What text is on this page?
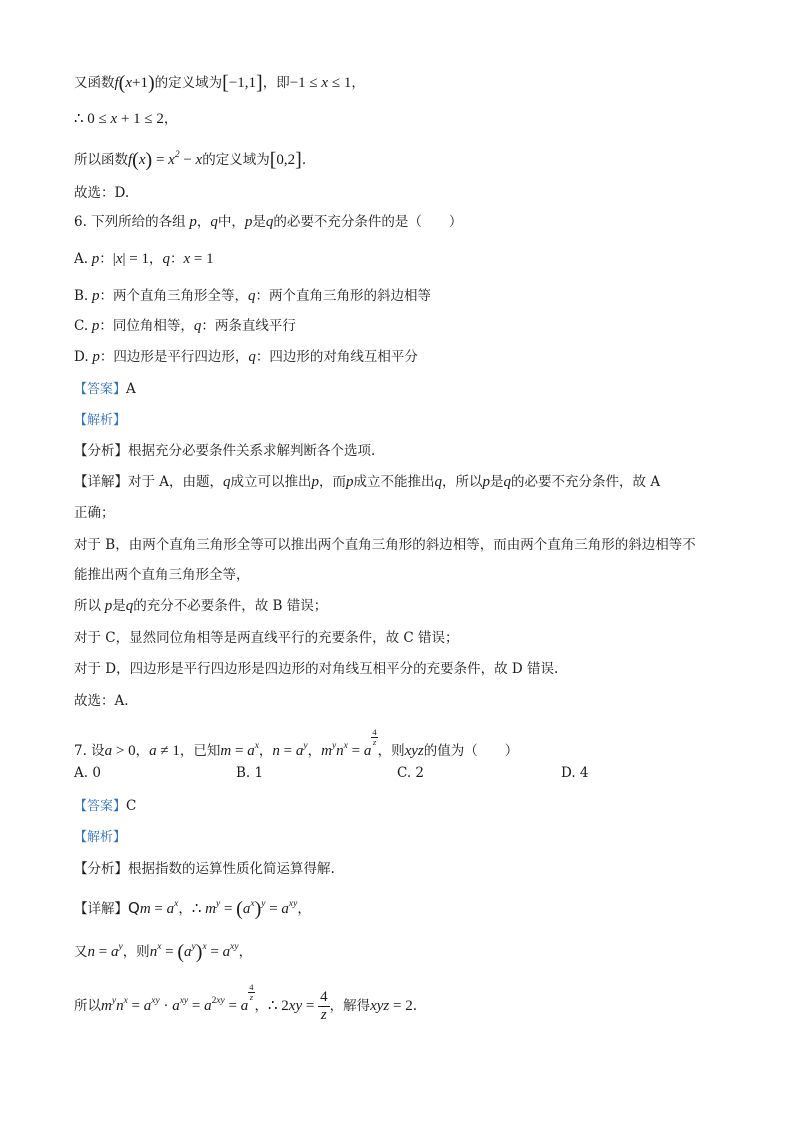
又函数f(x+1)的定义域为[−1,1]，即−1 ≤ x ≤ 1，
∴ 0 ≤ x + 1 ≤ 2，
所以函数$f(x) = x^2 - x$的定义域为[0,2].
故选：D.
6. 下列所给的各组 p，q中，p是q的必要不充分条件的是（　　）
A. p：|x| = 1，q：x = 1
B. p：两个直角三角形全等，q：两个直角三角形的斜边相等
C. p：同位角相等，q：两条直线平行
D. p：四边形是平行四边形，q：四边形的对角线互相平分
【答案】A
【解析】
【分析】根据充分必要条件关系求解判断各个选项.
【详解】对于 A，由题，q成立可以推出p，而p成立不能推出q，所以p是q的必要不充分条件，故 A
正确；
对于 B，由两个直角三角形全等可以推出两个直角三角形的斜边相等，而由两个直角三角形的斜边相等不
能推出两个直角三角形全等，
所以 p是q的充分不必要条件，故 B 错误；
对于 C，显然同位角相等是两直线平行的充要条件，故 C 错误；
对于 D，四边形是平行四边形是四边形的对角线互相平分的充要条件，故 D 错误.
故选：A.
7. 设a > 0，a ≠ 1，已知$m = a^x$，$n = a^y$，$m^yn^x = a$
$\frac{4}{z}$
，则xyz的值为（　　）
A. 0	B. 1	C. 2	D. 4
【答案】C
【解析】
【分析】根据指数的运算性质化简运算得解.
【详解】$Qm = a^x$，∴ $m^y = (a^x)^y = a^{xy}$，
又$n = a^y$，则$n^x = (a^y)^x = a^{xy}$，
所以$m^yn^x = a^{xy} \cdot a^{xy} = a^{2xy} = a$
$\frac{4}{z}$
，∴ $2xy = \frac{4}{z}$ ，解得xyz = 2.
